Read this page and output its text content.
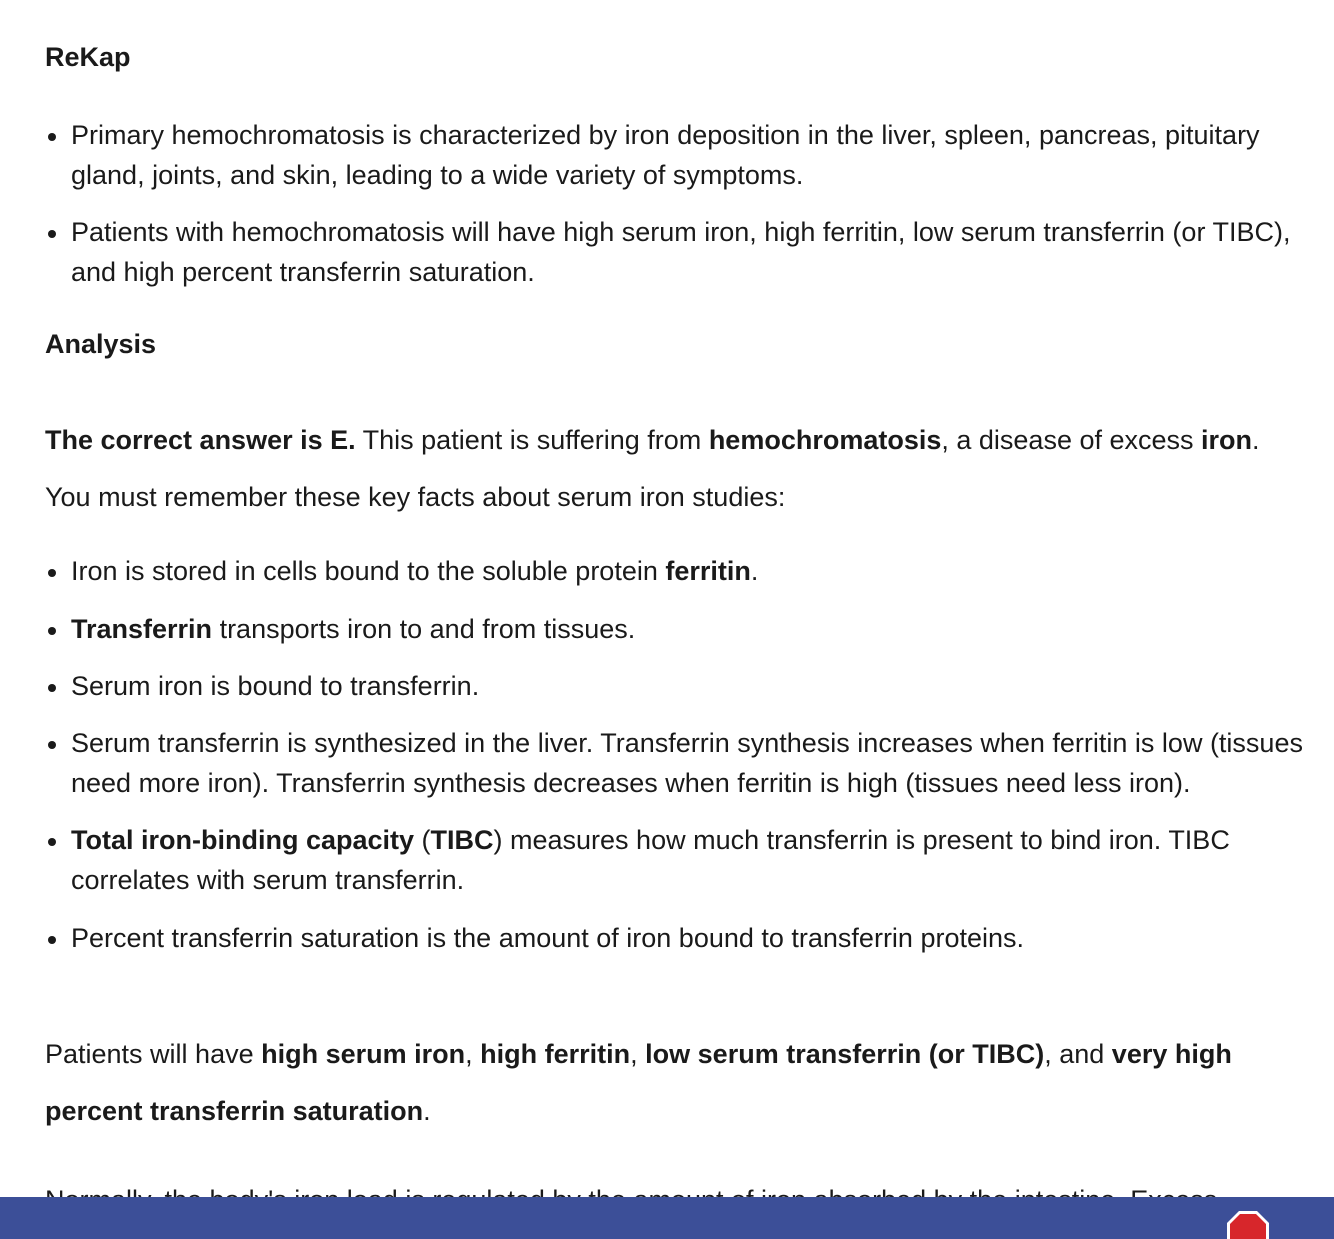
ReKap
Primary hemochromatosis is characterized by iron deposition in the liver, spleen, pancreas, pituitary gland, joints, and skin, leading to a wide variety of symptoms.
Patients with hemochromatosis will have high serum iron, high ferritin, low serum transferrin (or TIBC), and high percent transferrin saturation.
Analysis
The correct answer is E. This patient is suffering from hemochromatosis, a disease of excess iron. You must remember these key facts about serum iron studies:
Iron is stored in cells bound to the soluble protein ferritin.
Transferrin transports iron to and from tissues.
Serum iron is bound to transferrin.
Serum transferrin is synthesized in the liver. Transferrin synthesis increases when ferritin is low (tissues need more iron). Transferrin synthesis decreases when ferritin is high (tissues need less iron).
Total iron-binding capacity (TIBC) measures how much transferrin is present to bind iron. TIBC correlates with serum transferrin.
Percent transferrin saturation is the amount of iron bound to transferrin proteins.
Patients will have high serum iron, high ferritin, low serum transferrin (or TIBC), and very high percent transferrin saturation.
